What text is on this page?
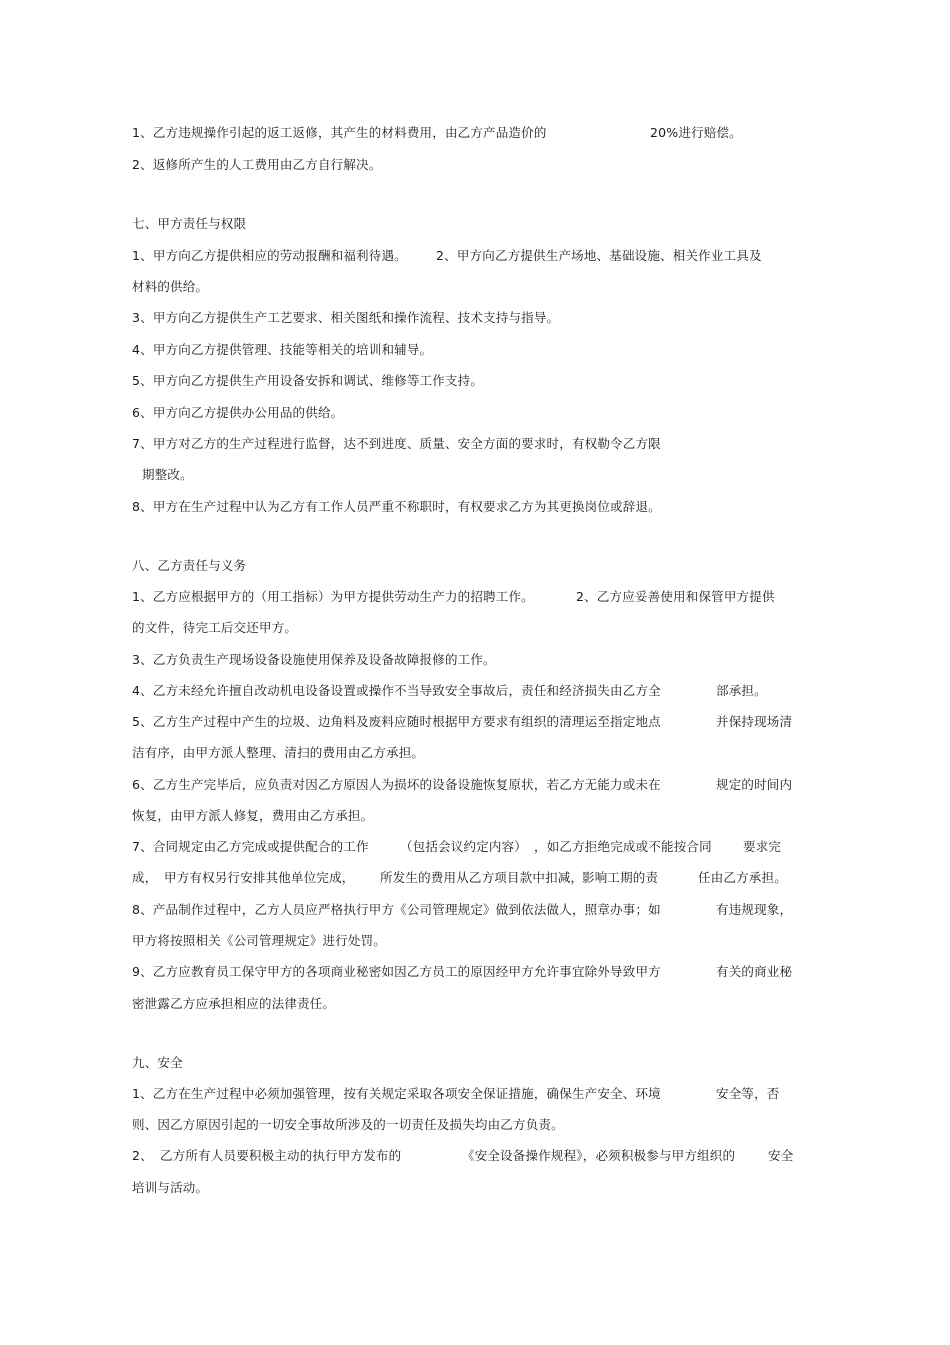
1、乙方违规操作引起的返工返修，其产生的材料费用，由乙方产品造价的	20%进行赔偿。
2、返修所产生的人工费用由乙方自行解决。
七、甲方责任与权限
1、甲方向乙方提供相应的劳动报酬和福利待遇。 2、甲方向乙方提供生产场地、基础设施、相关作业工具及
材料的供给。
3、甲方向乙方提供生产工艺要求、相关图纸和操作流程、技术支持与指导。
4、甲方向乙方提供管理、技能等相关的培训和辅导。
5、甲方向乙方提供生产用设备安拆和调试、维修等工作支持。
6、甲方向乙方提供办公用品的供给。
7、甲方对乙方的生产过程进行监督，达不到进度、质量、安全方面的要求时，有权勒令乙方限
期整改。
8、甲方在生产过程中认为乙方有工作人员严重不称职时，有权要求乙方为其更换岗位或辞退。
八、乙方责任与义务
1、乙方应根据甲方的（用工指标）为甲方提供劳动生产力的招聘工作。	2、乙方应妥善使用和保管甲方提供
的文件，待完工后交还甲方。
3、乙方负责生产现场设备设施使用保养及设备故障报修的工作。
4、乙方未经允许擅自改动机电设备设置或操作不当导致安全事故后，责任和经济损失由乙方全	部承担。
5、乙方生产过程中产生的垃圾、边角料及废料应随时根据甲方要求有组织的清理运至指定地点	并保持现场清
洁有序，由甲方派人整理、清扫的费用由乙方承担。
6、乙方生产完毕后，应负责对因乙方原因人为损坏的设备设施恢复原状，若乙方无能力或未在	规定的时间内
恢复，由甲方派人修复，费用由乙方承担。
7、合同规定由乙方完成或提供配合的工作 （包括会议约定内容） ，如乙方拒绝完成或不能按合同 要求完
成， 甲方有权另行安排其他单位完成， 所发生的费用从乙方项目款中扣减，
影响工期的责	任由乙方承担。
8、产品制作过程中，乙方人员应严格执行甲方《公司管理规定》做到依法做人，照章办事；如	有违规现象，
甲方将按照相关《公司管理规定》进行处罚。
9、乙方应教育员工保守甲方的各项商业秘密如因乙方员工的原因经甲方允许事宜除外导致甲方	有关的商业秘
密泄露乙方应承担相应的法律责任。
九、安全
1、乙方在生产过程中必须加强管理，按有关规定采取各项安全保证措施，确保生产安全、环境	安全等，否
则、因乙方原因引起的一切安全事故所涉及的一切责任及损失均由乙方负责。
2、 乙方所有人员要积极主动的执行甲方发布的	《安全设备操作规程》，必须积极参与甲方组织的	安全
培训与活动。
